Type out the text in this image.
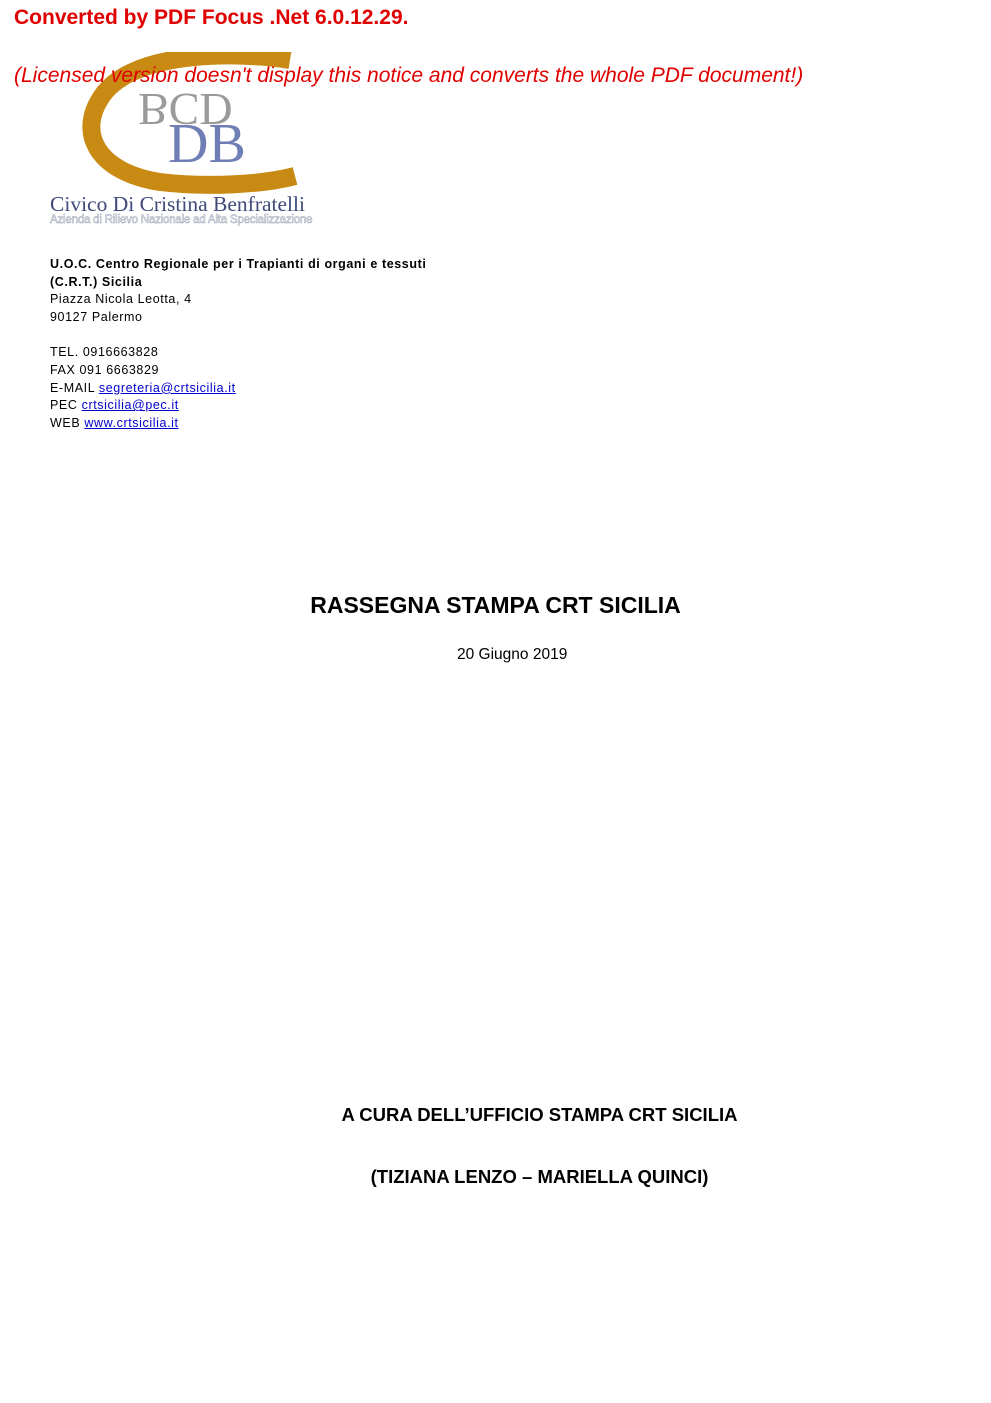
Converted by PDF Focus .Net 6.0.12.29.
(Licensed version doesn't display this notice and converts the whole PDF document!)
BCD
DB
Civico Di Cristina Benfratelli
Azienda di Rilievo Nazionale ad Alta Specializzazione
U.O.C. Centro Regionale per i Trapianti di organi e tessuti
(C.R.T.) Sicilia
Piazza Nicola Leotta, 4
90127 Palermo
TEL. 0916663828
FAX 091 6663829
E-MAIL segreteria@crtsicilia.it
PEC crtsicilia@pec.it
WEB www.crtsicilia.it
RASSEGNA STAMPA CRT SICILIA
20 Giugno 2019
A CURA DELL’UFFICIO STAMPA CRT SICILIA
(TIZIANA LENZO – MARIELLA QUINCI)
